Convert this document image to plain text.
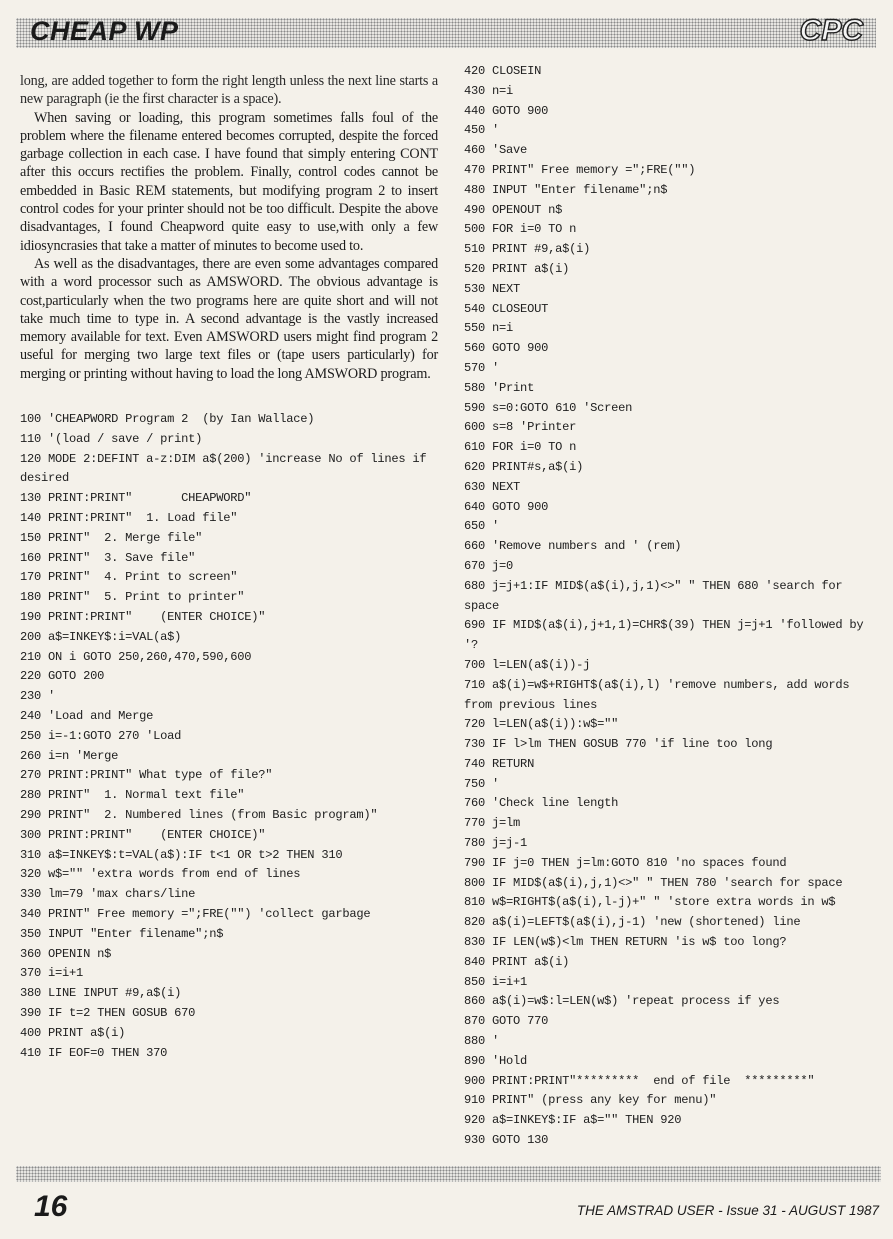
CHEAP WP	CPC

long, are added together to form the right length unless the next line starts a new paragraph (ie the first character is a space).

When saving or loading, this program sometimes falls foul of the problem where the filename entered becomes corrupted, despite the forced garbage collection in each case. I have found that simply entering CONT after this occurs rectifies the problem. Finally, control codes cannot be embedded in Basic REM statements, but modifying program 2 to insert control codes for your printer should not be too difficult. Despite the above disadvantages, I found Cheapword quite easy to use,with only a few idiosyncrasies that take a matter of minutes to become used to.

As well as the disadvantages, there are even some advantages compared with a word processor such as AMSWORD. The obvious advantage is cost,particularly when the two programs here are quite short and will not take much time to type in. A second advantage is the vastly increased memory available for text. Even AMSWORD users might find program 2 useful for merging two large text files or (tape users particularly) for merging or printing without having to load the long AMSWORD program.

100 'CHEAPWORD Program 2  (by Ian Wallace)
110 '(load / save / print)
120 MODE 2:DEFINT a-z:DIM a$(200) 'increase No of lines if desired
130 PRINT:PRINT"       CHEAPWORD"
140 PRINT:PRINT"  1. Load file"
150 PRINT"  2. Merge file"
160 PRINT"  3. Save file"
170 PRINT"  4. Print to screen"
180 PRINT"  5. Print to printer"
190 PRINT:PRINT"    (ENTER CHOICE)"
200 a$=INKEY$:i=VAL(a$)
210 ON i GOTO 250,260,470,590,600
220 GOTO 200
230 '
240 'Load and Merge
250 i=-1:GOTO 270 'Load
260 i=n 'Merge
270 PRINT:PRINT" What type of file?"
280 PRINT"  1. Normal text file"
290 PRINT"  2. Numbered lines (from Basic program)"
300 PRINT:PRINT"    (ENTER CHOICE)"
310 a$=INKEY$:t=VAL(a$):IF t<1 OR t>2 THEN 310
320 w$="" 'extra words from end of lines
330 lm=79 'max chars/line
340 PRINT" Free memory =";FRE("") 'collect garbage
350 INPUT "Enter filename";n$
360 OPENIN n$
370 i=i+1
380 LINE INPUT #9,a$(i)
390 IF t=2 THEN GOSUB 670
400 PRINT a$(i)
410 IF EOF=0 THEN 370
420 CLOSEIN
430 n=i
440 GOTO 900
450 '
460 'Save
470 PRINT" Free memory =";FRE("")
480 INPUT "Enter filename";n$
490 OPENOUT n$
500 FOR i=0 TO n
510 PRINT #9,a$(i)
520 PRINT a$(i)
530 NEXT
540 CLOSEOUT
550 n=i
560 GOTO 900
570 '
580 'Print
590 s=0:GOTO 610 'Screen
600 s=8 'Printer
610 FOR i=0 TO n
620 PRINT#s,a$(i)
630 NEXT
640 GOTO 900
650 '
660 'Remove numbers and ' (rem)
670 j=0
680 j=j+1:IF MID$(a$(i),j,1)<>" " THEN 680 'search for space
690 IF MID$(a$(i),j+1,1)=CHR$(39) THEN j=j+1 'followed by '?
700 l=LEN(a$(i))-j
710 a$(i)=w$+RIGHT$(a$(i),l) 'remove numbers, add words from previous lines
720 l=LEN(a$(i)):w$=""
730 IF l>lm THEN GOSUB 770 'if line too long
740 RETURN
750 '
760 'Check line length
770 j=lm
780 j=j-1
790 IF j=0 THEN j=lm:GOTO 810 'no spaces found
800 IF MID$(a$(i),j,1)<>" " THEN 780 'search for space
810 w$=RIGHT$(a$(i),l-j)+" " 'store extra words in w$
820 a$(i)=LEFT$(a$(i),j-1) 'new (shortened) line
830 IF LEN(w$)<lm THEN RETURN 'is w$ too long?
840 PRINT a$(i)
850 i=i+1
860 a$(i)=w$:l=LEN(w$) 'repeat process if yes
870 GOTO 770
880 '
890 'Hold
900 PRINT:PRINT"*********  end of file  *********"
910 PRINT" (press any key for menu)"
920 a$=INKEY$:IF a$="" THEN 920
930 GOTO 130
16	THE AMSTRAD USER - Issue 31 - AUGUST 1987
